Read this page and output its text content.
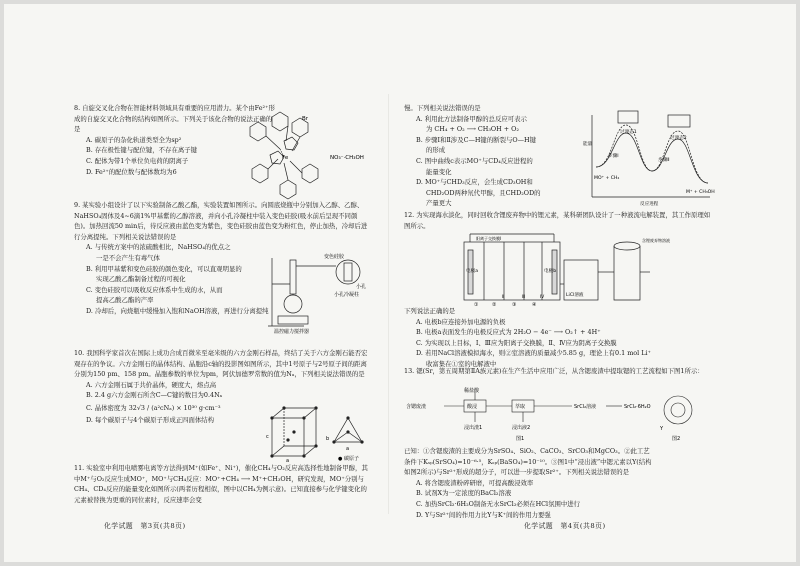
8. 自旋交叉化合物在智能材料领域具有重要的应用潜力。某个由Fe²⁺形成的自旋交叉化合物的结构如图所示。下列关于该化合物的说法正确的是

A. 碳原子的杂化轨道类型全为sp²

B. 存在极性键与配位键，不存在离子键

C. 配体为带1个单位负电荷的阴离子

D. Fe²⁺的配位数与配体数均为6

Br
Fe	NO₃⁻·CH₃OH

9. 某实验小组设计了以下实验制备乙酸乙酯，实验装置如图所示。向圆底烧瓶中分别加入乙醇、乙醇、NaHSO₄固体及4~6滴1%甲基紫的乙醇溶液，并向小孔冷凝柱中装入变色硅胶(吸水前后呈现不同颜色)。加热回流50 min后，待反应液由蓝色变为紫色，变色硅胶由蓝色变为粉红色，停止加热，冷却后进行分离提纯。下列相关说法错误的是

A. 与传统方案中的浓硫酸相比，NaHSO₄的优点之

一是不会产生有毒气体

B. 利用甲基紫和变色硅胶的颜色变化，可以直观明显的

实现乙酸乙酯制备过程的可视化

C. 变色硅胶可以吸收反应体系中生成的水，从而

提高乙酸乙酯的产率

D. 冷却后，向烧瓶中缓慢加入饱和NaOH溶液，再进行分离提纯

变色硅胶
小孔
小孔冷凝柱
温控磁力搅拌器

10. 我国科学家首次在国际上成功合成百微米至毫米级的六方金刚石样品，终结了关于六方金刚石能否宏观存在的争议。六方金刚石的晶体结构、晶胞沿c轴的投影图如图所示，其中1号原子与2号原子间的距离分别为150 pm、158 pm。晶胞参数的单位为pm，阿伏加德罗常数的值为Nₐ，下列相关说法错误的是

A. 六方金刚石属于共价晶体，硬度大，熔点高

B. 2.4 g六方金刚石所含C—C键的数目为0.4Nₐ

C. 晶体密度为 32√3 / (a²cNₐ) × 10³⁰ g·cm⁻³

D. 每个碳原子与4个碳原子形成正四面体结构

a
c	b
a
● 碳原子

11. 实验室中利用电喷雾电离等方法得到M⁺(如Fe⁺、Ni⁺)，催化CH₄与O₂反应高选择性地制备甲醇，其中M⁺与O₂反应生成MO⁺，MO⁺与CH₄反应：MO⁺+CH₄ ⟶ M⁺+CH₃OH，研究发现，MO⁺分别与CH₄、CD₄反应的能量变化如图所示(两者历程相似，图中以CH₄为例示意)。已知直接参与化学键变化的元素被替换为更重的同位素时，反应速率会变

化学试题　第3页(共8页)

慢。下列相关说法错误的是

A. 利用此方法制备甲醇的总反应可表示

为 CH₄ + O₂ ⟶ CH₃OH + O₂

B. 步骤Ⅰ和Ⅱ涉及C—H键的断裂与O—H键

的形成

C. 图中曲线c表示MO⁺与CD₄反应进程的

能量变化

D. MO⁺与CHD₃反应，会生成CD₃OH和

CHD₂OD两种氘代甲醇，且CHD₂OD的

产量更大

过渡态1
过渡态2
能量
MO⁺ + CH₄
M⁺ + CH₃OH
反应进程
步骤Ⅰ
步骤Ⅱ

12. 为实现海水淡化，同时回收含锂废弃物中的锂元素，某科研团队设计了一种液流电解装置，其工作原理如图所示。

电极a	电极b
阳离子交换膜Ⅰ
Ⅱ	Ⅲ	Ⅳ
①	②	③	④
LiCl溶液
含锂废弃物溶液

下列说法正确的是

A. 电极b应连接外加电源的负极

B. 电极a表面发生的电极反应式为 2H₂O − 4e⁻ ⟶ O₂↑ + 4H⁺

C. 为实现以上目标，Ⅰ、Ⅲ应为阳离子交换膜，Ⅱ、Ⅳ应为阴离子交换膜

D. 若用NaCl溶液模拟海水，则②室溶液的质量减少5.85 g，理论上有0.1 mol Li⁺

收富集在①室的电解液中

13. 锶(Sr，第五周期第ⅡA族元素)在生产生活中应用广泛，从含锶废渣中提取锶的工艺流程如下图1所示：

含锶废渣
稀盐酸
酸浸	萃取
浸出渣1	浸出液2
SrCl₂溶液	SrCl₂·6H₂O
Y
图1	图2

已知：①含锶废渣的主要成分为SrSO₄、SiO₂、CaCO₃、SrCO₃和MgCO₃。②此工艺

条件下Kₛₚ(SrSO₄)=10⁻⁶·⁵，Kₛₚ(BaSO₄)=10⁻¹⁰。③图1中“浸出液”中锶元素以Y(结构

如图2所示)与Sr²⁺形成的超分子，可以进一步提取Sr²⁺。下列相关说法错误的是

A. 将含锶废渣粉碎研磨，可提高酸浸效率

B. 试剂X为一定浓度的BaCl₂溶液

C. 加热SrCl₂·6H₂O制备无水SrCl₂必须在HCl氛围中进行

D. Y与Sr²⁺间的作用力比Y与K⁺间的作用力要强

化学试题　第4页(共8页)
